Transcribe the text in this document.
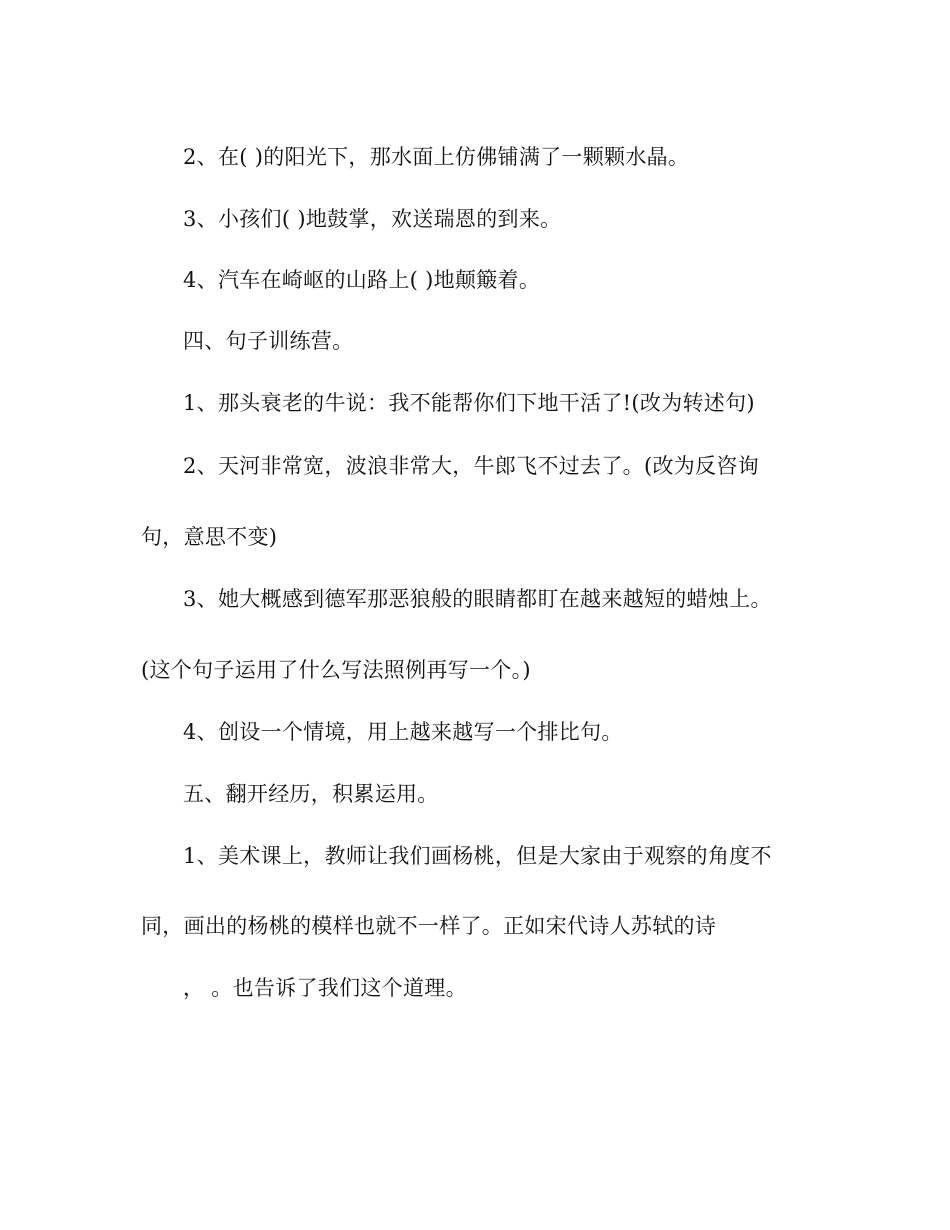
2、在( )的阳光下，那水面上仿佛铺满了一颗颗水晶。
3、小孩们( )地鼓掌，欢送瑞恩的到来。
4、汽车在崎岖的山路上( )地颠簸着。
四、句子训练营。
1、那头衰老的牛说：我不能帮你们下地干活了!(改为转述句)
2、天河非常宽，波浪非常大，牛郎飞不过去了。(改为反咨询
句，意思不变)
3、她大概感到德军那恶狼般的眼睛都盯在越来越短的蜡烛上。
(这个句子运用了什么写法照例再写一个。)
4、创设一个情境，用上越来越写一个排比句。
五、翻开经历，积累运用。
1、美术课上，教师让我们画杨桃，但是大家由于观察的角度不
同，画出的杨桃的模样也就不一样了。正如宋代诗人苏轼的诗
， 。也告诉了我们这个道理。
